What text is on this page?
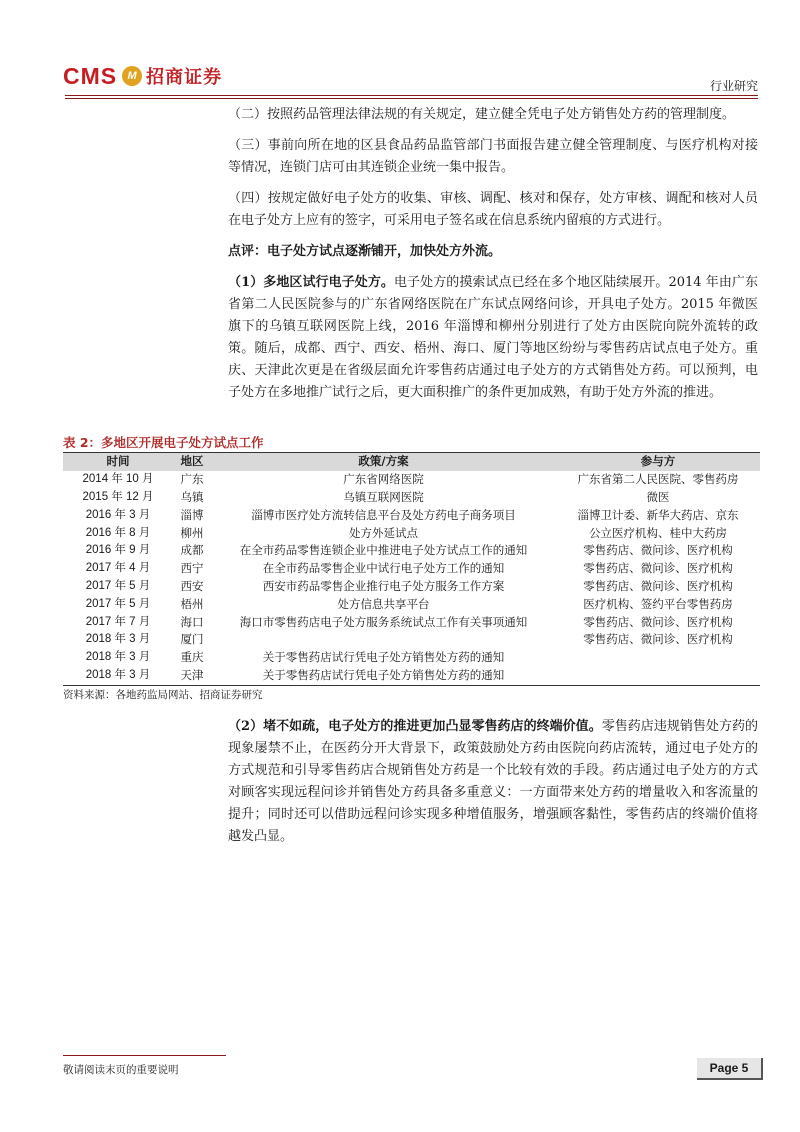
CMS M 招商证券	行业研究

（二）按照药品管理法律法规的有关规定，建立健全凭电子处方销售处方药的管理制度。

（三）事前向所在地的区县食品药品监管部门书面报告建立健全管理制度、与医疗机构对接等情况，连锁门店可由其连锁企业统一集中报告。

（四）按规定做好电子处方的收集、审核、调配、核对和保存，处方审核、调配和核对人员在电子处方上应有的签字，可采用电子签名或在信息系统内留痕的方式进行。

点评：电子处方试点逐渐铺开，加快处方外流。

（1）多地区试行电子处方。电子处方的摸索试点已经在多个地区陆续展开。2014 年由广东省第二人民医院参与的广东省网络医院在广东试点网络问诊，开具电子处方。2015 年微医旗下的乌镇互联网医院上线，2016 年淄博和柳州分别进行了处方由医院向院外流转的政策。随后，成都、西宁、西安、梧州、海口、厦门等地区纷纷与零售药店试点电子处方。重庆、天津此次更是在省级层面允许零售药店通过电子处方的方式销售处方药。可以预判，电子处方在多地推广试行之后，更大面积推广的条件更加成熟，有助于处方外流的推进。

表 2：多地区开展电子处方试点工作
时间	地区	政策/方案	参与方
2014 年 10 月	广东	广东省网络医院	广东省第二人民医院、零售药房
2015 年 12 月	乌镇	乌镇互联网医院	微医
2016 年 3 月	淄博	淄博市医疗处方流转信息平台及处方药电子商务项目	淄博卫计委、新华大药店、京东
2016 年 8 月	柳州	处方外延试点	公立医疗机构、桂中大药房
2016 年 9 月	成都	在全市药品零售连锁企业中推进电子处方试点工作的通知	零售药店、微问诊、医疗机构
2017 年 4 月	西宁	在全市药品零售企业中试行电子处方工作的通知	零售药店、微问诊、医疗机构
2017 年 5 月	西安	西安市药品零售企业推行电子处方服务工作方案	零售药店、微问诊、医疗机构
2017 年 5 月	梧州	处方信息共享平台	医疗机构、签约平台零售药房
2017 年 7 月	海口	海口市零售药店电子处方服务系统试点工作有关事项通知	零售药店、微问诊、医疗机构
2018 年 3 月	厦门		零售药店、微问诊、医疗机构
2018 年 3 月	重庆	关于零售药店试行凭电子处方销售处方药的通知	
2018 年 3 月	天津	关于零售药店试行凭电子处方销售处方药的通知	
资料来源：各地药监局网站、招商证券研究

（2）堵不如疏，电子处方的推进更加凸显零售药店的终端价值。零售药店违规销售处方药的现象屡禁不止，在医药分开大背景下，政策鼓励处方药由医院向药店流转，通过电子处方的方式规范和引导零售药店合规销售处方药是一个比较有效的手段。药店通过电子处方的方式对顾客实现远程问诊并销售处方药具备多重意义：一方面带来处方药的增量收入和客流量的提升；同时还可以借助远程问诊实现多种增值服务，增强顾客黏性，零售药店的终端价值将越发凸显。

敬请阅读末页的重要说明	Page 5
